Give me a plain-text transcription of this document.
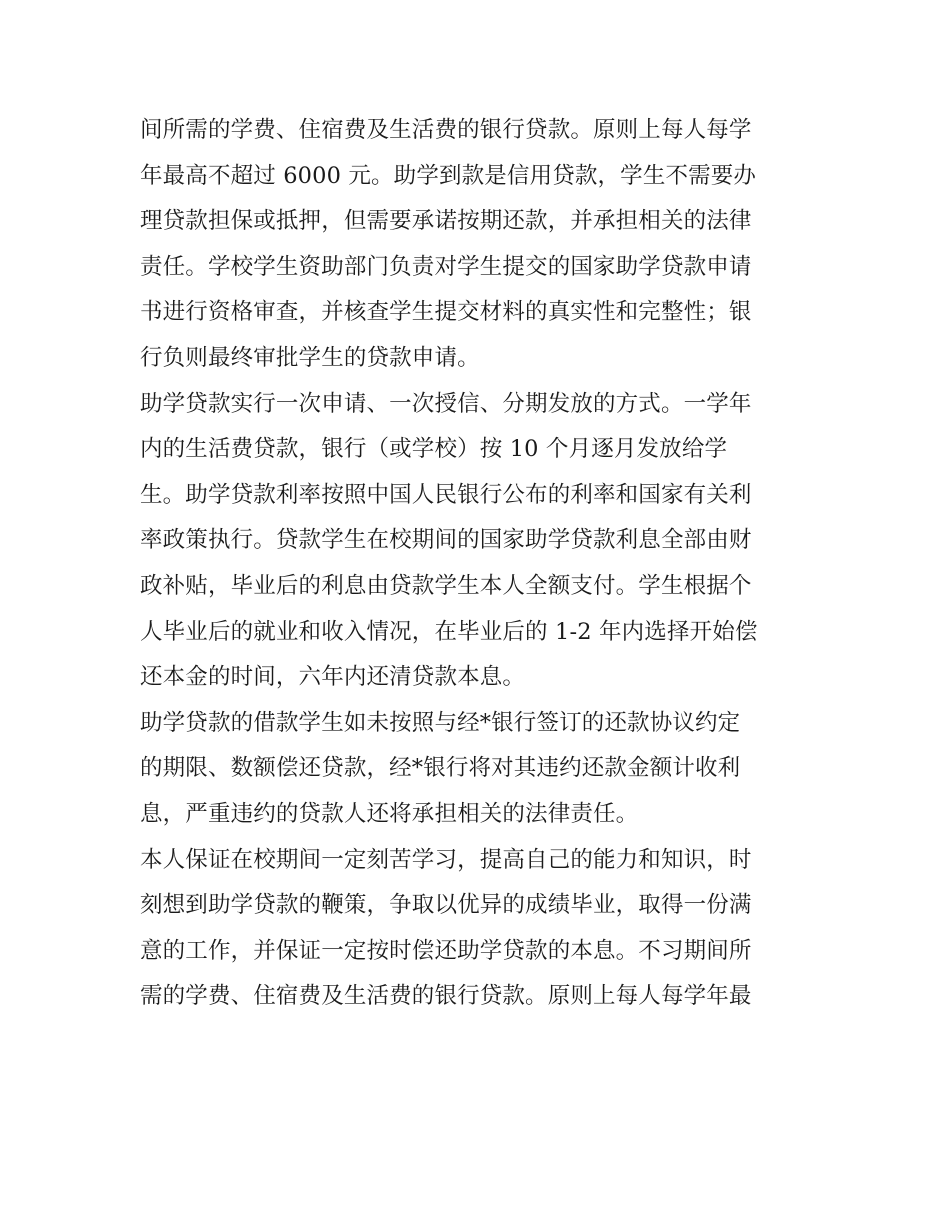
间所需的学费、住宿费及生活费的银行贷款。原则上每人每学
年最高不超过 6000 元。助学到款是信用贷款，学生不需要办
理贷款担保或抵押，但需要承诺按期还款，并承担相关的法律
责任。学校学生资助部门负责对学生提交的国家助学贷款申请
书进行资格审查，并核查学生提交材料的真实性和完整性；银
行负则最终审批学生的贷款申请。
助学贷款实行一次申请、一次授信、分期发放的方式。一学年
内的生活费贷款，银行（或学校）按 10 个月逐月发放给学
生。助学贷款利率按照中国人民银行公布的利率和国家有关利
率政策执行。贷款学生在校期间的国家助学贷款利息全部由财
政补贴，毕业后的利息由贷款学生本人全额支付。学生根据个
人毕业后的就业和收入情况，在毕业后的 1-2 年内选择开始偿
还本金的时间，六年内还清贷款本息。
助学贷款的借款学生如未按照与经*银行签订的还款协议约定
的期限、数额偿还贷款，经*银行将对其违约还款金额计收利
息，严重违约的贷款人还将承担相关的法律责任。
本人保证在校期间一定刻苦学习，提高自己的能力和知识，时
刻想到助学贷款的鞭策，争取以优异的成绩毕业，取得一份满
意的工作，并保证一定按时偿还助学贷款的本息。不习期间所
需的学费、住宿费及生活费的银行贷款。原则上每人每学年最
